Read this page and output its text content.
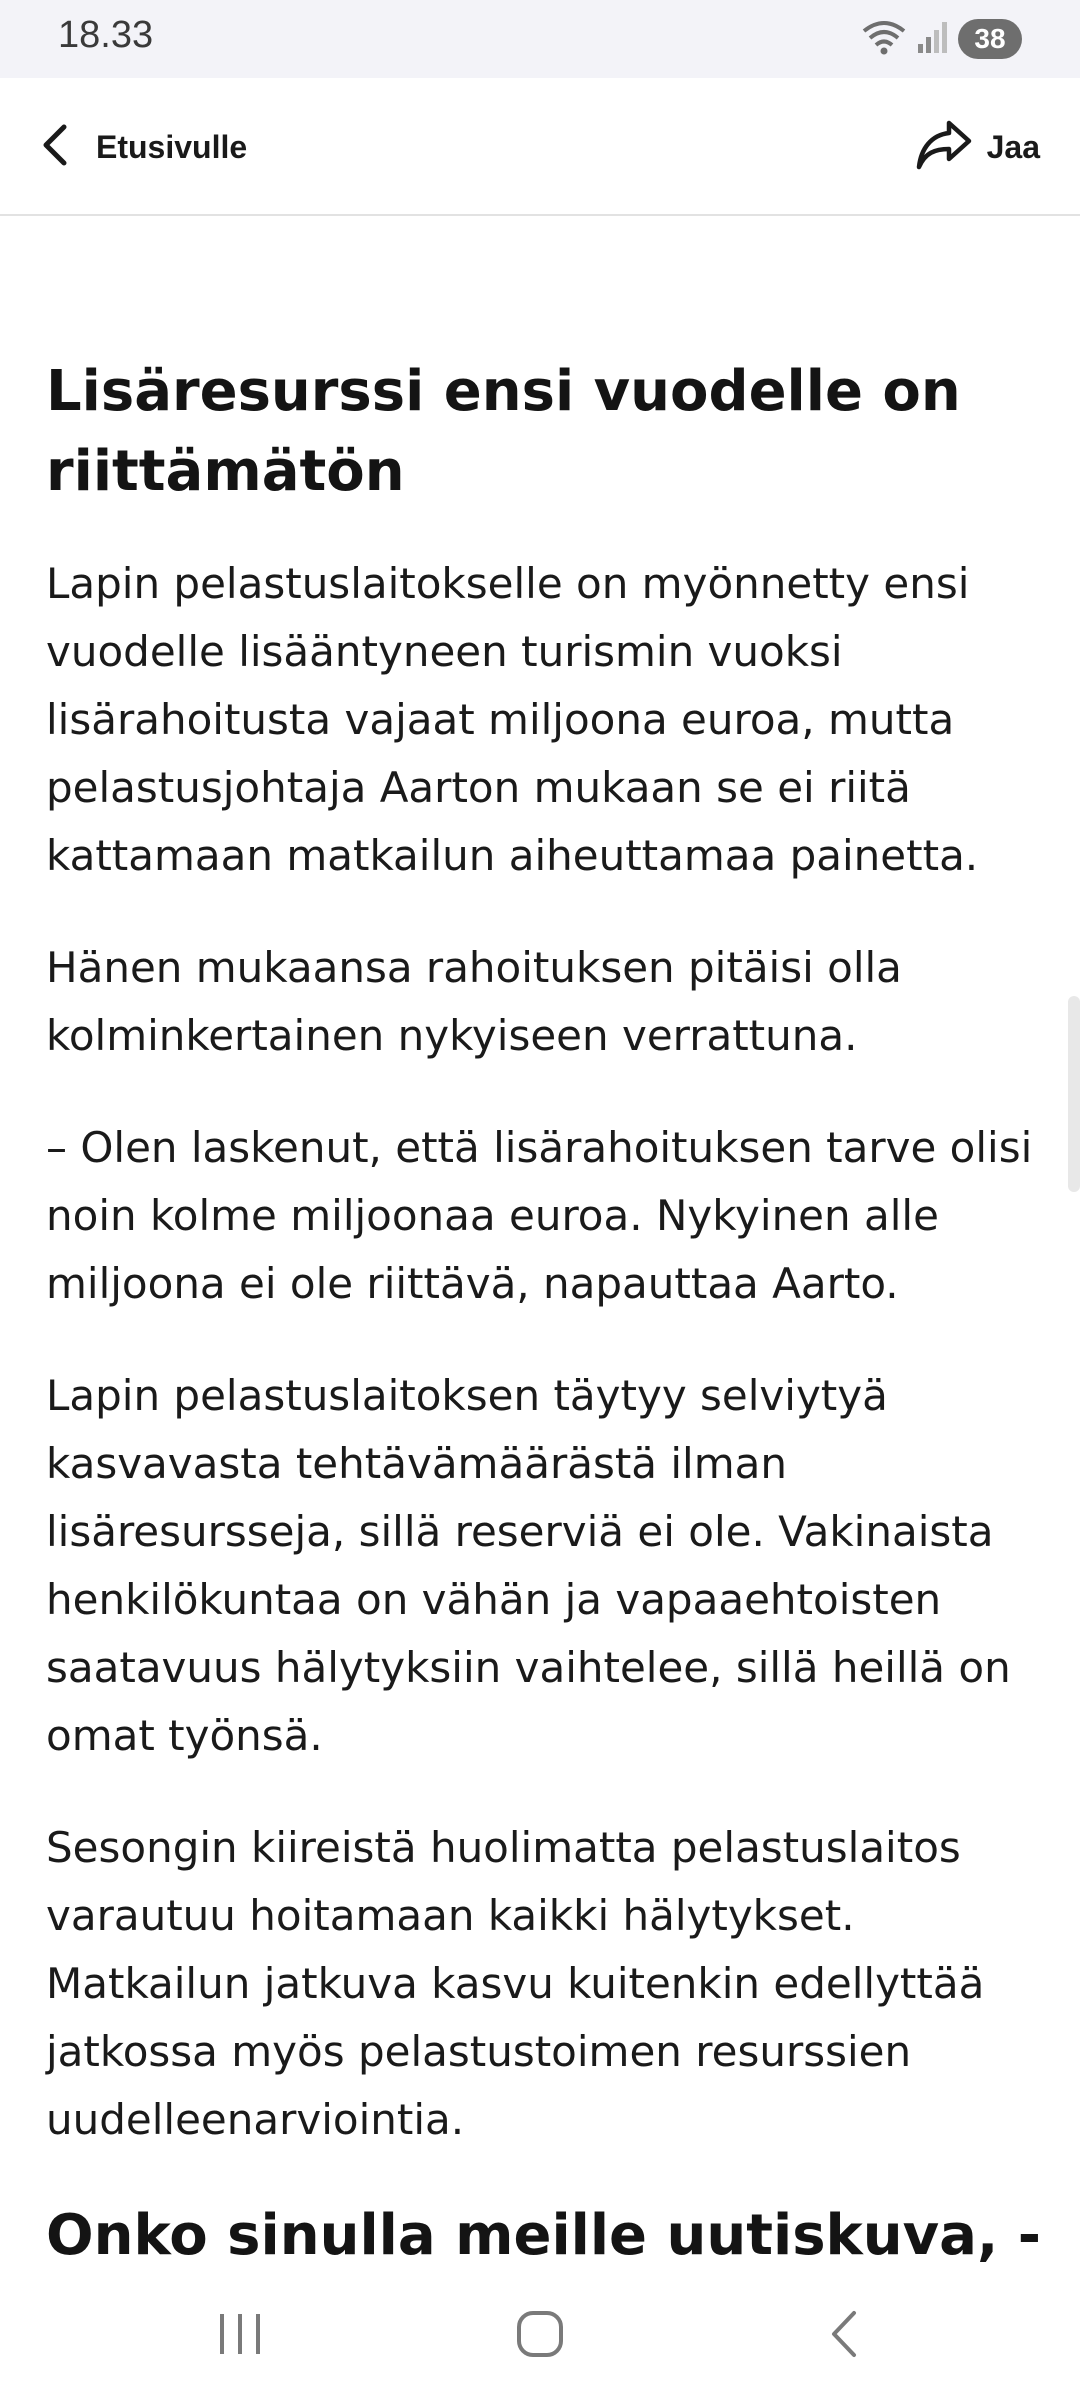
18.33	38
Etusivulle	Jaa
Lisäresurssi ensi vuodelle on riittämätön

Lapin pelastuslaitokselle on myönnetty ensi vuodelle lisääntyneen turismin vuoksi lisärahoitusta vajaat miljoona euroa, mutta pelastusjohtaja Aarton mukaan se ei riitä kattamaan matkailun aiheuttamaa painetta.

Hänen mukaansa rahoituksen pitäisi olla kolminkertainen nykyiseen verrattuna.

– Olen laskenut, että lisärahoituksen tarve olisi noin kolme miljoonaa euroa. Nykyinen alle miljoona ei ole riittävä, napauttaa Aarto.

Lapin pelastuslaitoksen täytyy selviytyä kasvavasta tehtävämäärästä ilman lisäresursseja, sillä reserviä ei ole. Vakinaista henkilökuntaa on vähän ja vapaaehtoisten saatavuus hälytyksiin vaihtelee, sillä heillä on omat työnsä.

Sesongin kiireistä huolimatta pelastuslaitos varautuu hoitamaan kaikki hälytykset. Matkailun jatkuva kasvu kuitenkin edellyttää jatkossa myös pelastustoimen resurssien uudelleenarviointia.

Onko sinulla meille uutiskuva, -
